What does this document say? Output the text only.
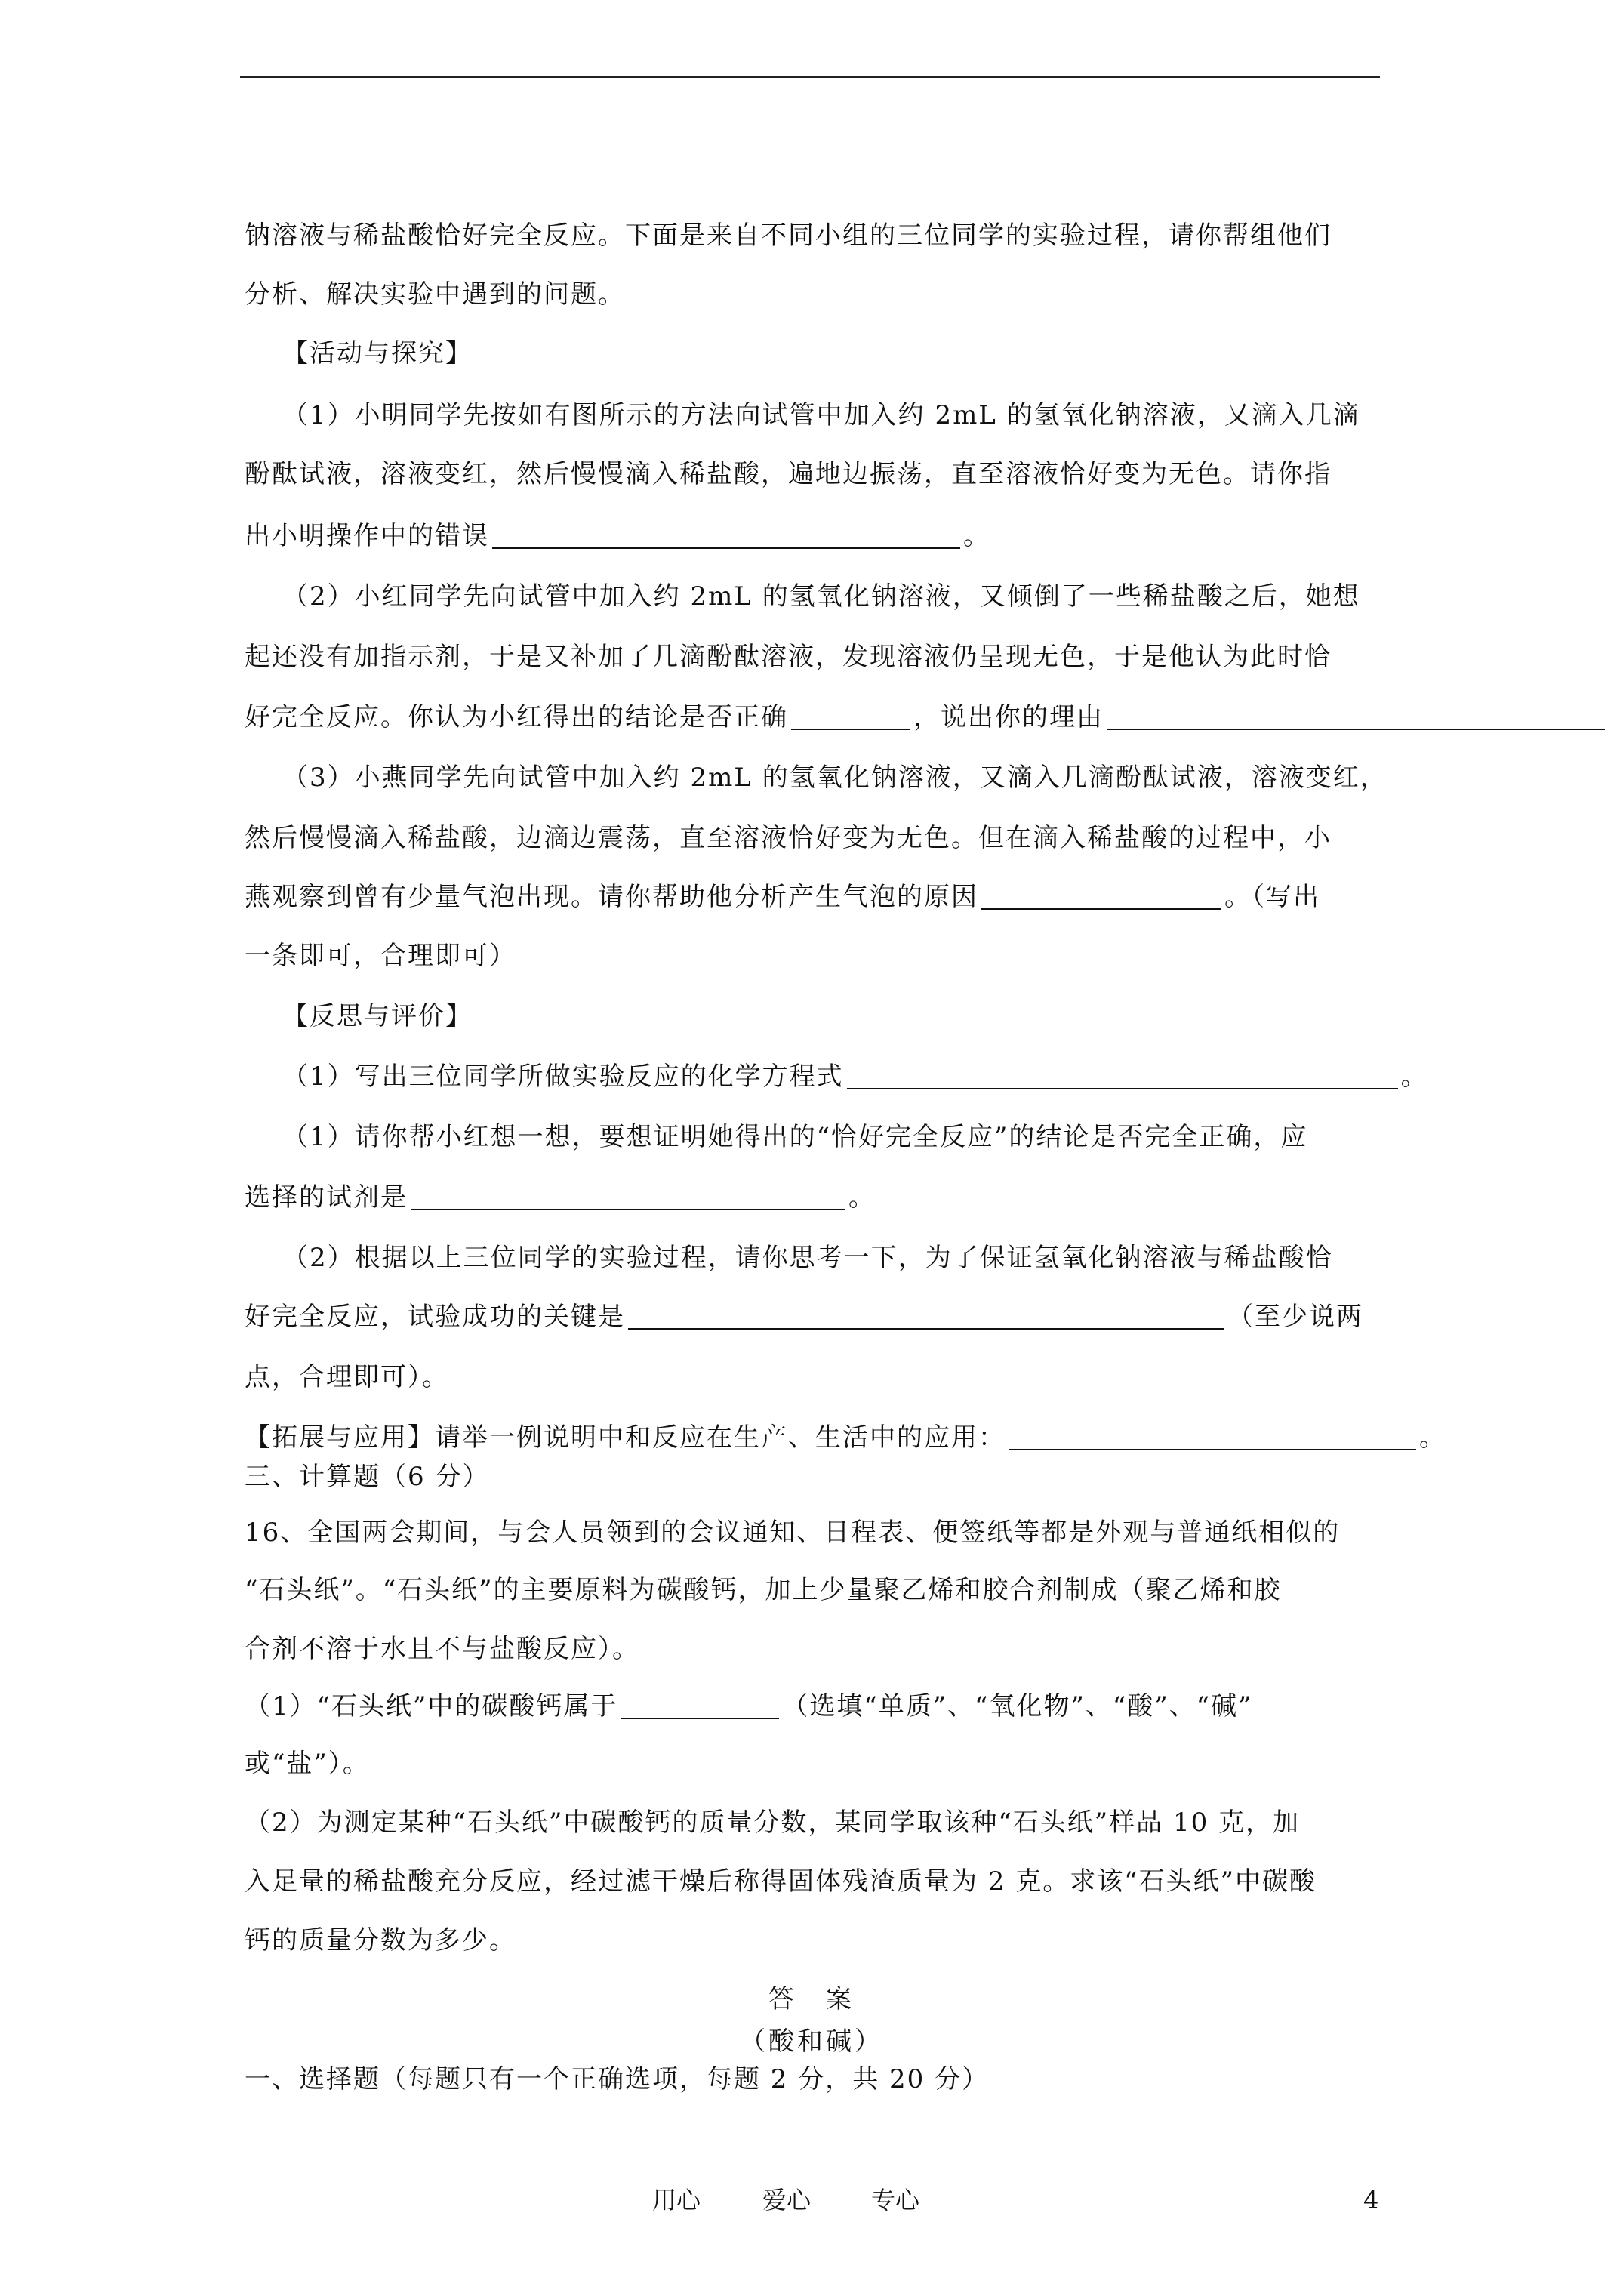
钠溶液与稀盐酸恰好完全反应。下面是来自不同小组的三位同学的实验过程，请你帮组他们
分析、解决实验中遇到的问题。
【活动与探究】
（1）小明同学先按如有图所示的方法向试管中加入约 2mL 的氢氧化钠溶液，又滴入几滴
酚酞试液，溶液变红，然后慢慢滴入稀盐酸，遍地边振荡，直至溶液恰好变为无色。请你指
出小明操作中的错误	。
（2）小红同学先向试管中加入约 2mL 的氢氧化钠溶液，又倾倒了一些稀盐酸之后，她想
起还没有加指示剂，于是又补加了几滴酚酞溶液，发现溶液仍呈现无色，于是他认为此时恰
好完全反应。你认为小红得出的结论是否正确	，说出你的理由
（3）小燕同学先向试管中加入约 2mL 的氢氧化钠溶液，又滴入几滴酚酞试液，溶液变红，
然后慢慢滴入稀盐酸，边滴边震荡，直至溶液恰好变为无色。但在滴入稀盐酸的过程中，小
燕观察到曾有少量气泡出现。请你帮助他分析产生气泡的原因	。（写出
一条即可，合理即可）
【反思与评价】
（1）写出三位同学所做实验反应的化学方程式	。
（1）请你帮小红想一想，要想证明她得出的“恰好完全反应”的结论是否完全正确，应
选择的试剂是	。
（2）根据以上三位同学的实验过程，请你思考一下，为了保证氢氧化钠溶液与稀盐酸恰
好完全反应，试验成功的关键是	（至少说两
点，合理即可）。
【拓展与应用】请举一例说明中和反应在生产、生活中的应用：	。
三、计算题（6 分）
16、全国两会期间，与会人员领到的会议通知、日程表、便签纸等都是外观与普通纸相似的
“石头纸”。“石头纸”的主要原料为碳酸钙，加上少量聚乙烯和胶合剂制成（聚乙烯和胶
合剂不溶于水且不与盐酸反应）。
（1）“石头纸”中的碳酸钙属于	（选填“单质”、“氧化物”、“酸”、“碱”
或“盐”）。
（2）为测定某种“石头纸”中碳酸钙的质量分数，某同学取该种“石头纸”样品 10 克，加
入足量的稀盐酸充分反应，经过滤干燥后称得固体残渣质量为 2 克。求该“石头纸”中碳酸
钙的质量分数为多少。
答　案
（酸和碱）
一、选择题（每题只有一个正确选项，每题 2 分，共 20 分）
用心	爱心 专心	4
